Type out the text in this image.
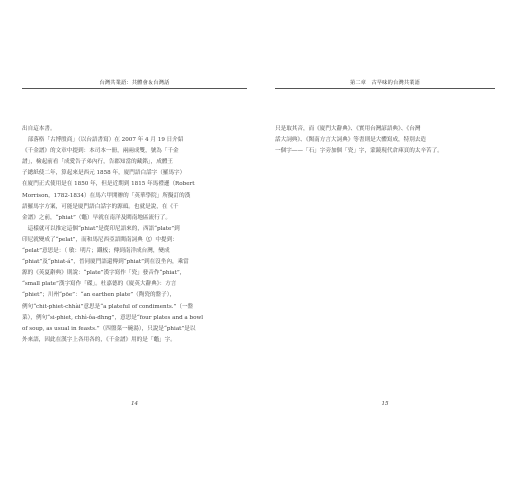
台灣共業語：共體會＆台灣話
出自這本書。
　部落格「古博殷商」（以台語書寫）在 2007 年 4 月 19 日介紹
《千金譜》的文章中提到：本司本一冊，兩兩成雙，號為「千金
譜」，檢起前看「成愛告子弟內行，告郡知當的藏銘」，成體王
子總紙使二年，算起來是西元 1858 年，廈門語白話字（羅馬字）
在廈門正式使用是在 1850 年，但是近期到 1815 年馬禮遜（Robert
Morrison，1782-1834）在馬六甲開辦的「英華學院」所擬訂的漢
語羅馬字方案，可能是廈門語白話字的源頭。也就是說，在《千
金譜》之前，“phiat”（鼈）早就在南洋及閩南地區流行了。
　這樣就可以推定這個“phiat”是從印尼語來的，西語“plate”到
印尼就變成了“pelat”，而和馬尼西亞語閩南詞典（ʃ）中提到：
“pelat”意思是：（ 敏：明片；鐵板；傳到南洋成台灣，變成
“phiat”及“phiat-á”，晉同廈門語還傳到“phiat”到在沒坐內，乘當
源的《英夏辭典》則說：“plate”漢字寫作「瓷」發音作“phiat”，
“small plate”漢字寫作「碟」。杜嘉德的《廈英大辭典》：方言
“phiet”；川州“pōe”：“an earthen plate”（陶瓷的盤子），
例句“chit-phiet-chhài”意思是“a plateful of condiments.”（一盤
菜），例句“si-phiet, chhì-ôa-dhng”，意思是“four plates and a bowl
of soup, as usual in feasts.”（四盤菜一碗湯），只說是“phiat”是以
外來語，因此在漢字上各用各的，《千金譜》用的是「鼈」字。
14
第二章　古早味的台灣共業語
只是取其音，而《廈門大辭典》、《實用台灣諺語典》、《台灣
話大詞典》、《閩南方言大詞典》等書則是大體寫成，特別去造
一個字——「石」字旁加個「瓷」字，蒙鏡現代倉庫頁的太辛苦了。
15
